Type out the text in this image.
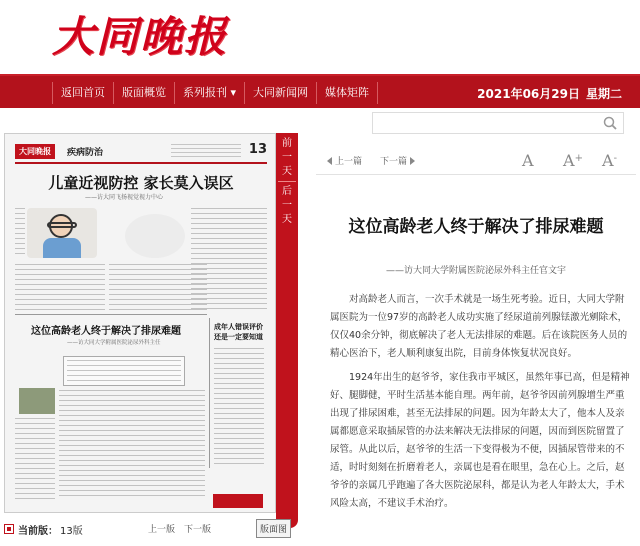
大同晚报
返回首页	版面概览	系列报刊 ▾	大同新闻网	媒体矩阵	2021年06月29日 星期二
大同晚报	疾病防治	13
儿童近视防控 家长莫入误区
——访大同飞扬视觉视力中心
这位高龄老人终于解决了排尿难题
——访大同大学附属医院泌尿外科主任
成年人错误评价 还是一定要知道
前一天
后一天
上一篇 下一篇	A A+ A-
这位高龄老人终于解决了排尿难题
——访大同大学附属医院泌尿外科主任官文宇

对高龄老人而言，一次手术就是一场生死考验。近日，大同大学附属医院为一位97岁的高龄老人成功实施了经尿道前列腺铥激光剜除术，仅仅40余分钟，彻底解决了老人无法排尿的难题。后在该院医务人员的精心医治下，老人顺利康复出院，目前身体恢复状况良好。

1924年出生的赵爷爷，家住我市平城区，虽然年事已高，但是精神好、腿脚健，平时生活基本能自理。两年前，赵爷爷因前列腺增生严重出现了排尿困难，甚至无法排尿的问题。因为年龄太大了，他本人及亲属都愿意采取插尿管的办法来解决无法排尿的问题，因而到医院留置了尿管。从此以后，赵爷爷的生活一下变得极为不便，因插尿管带来的不适，时时刻刻在折磨着老人，亲属也是看在眼里，急在心上。之后，赵爷爷的亲属几乎跑遍了各大医院泌尿科，都是认为老人年龄太大，手术风险太高，不建议手术治疗。

当前版： 13版	上一版 下一版	版面图
